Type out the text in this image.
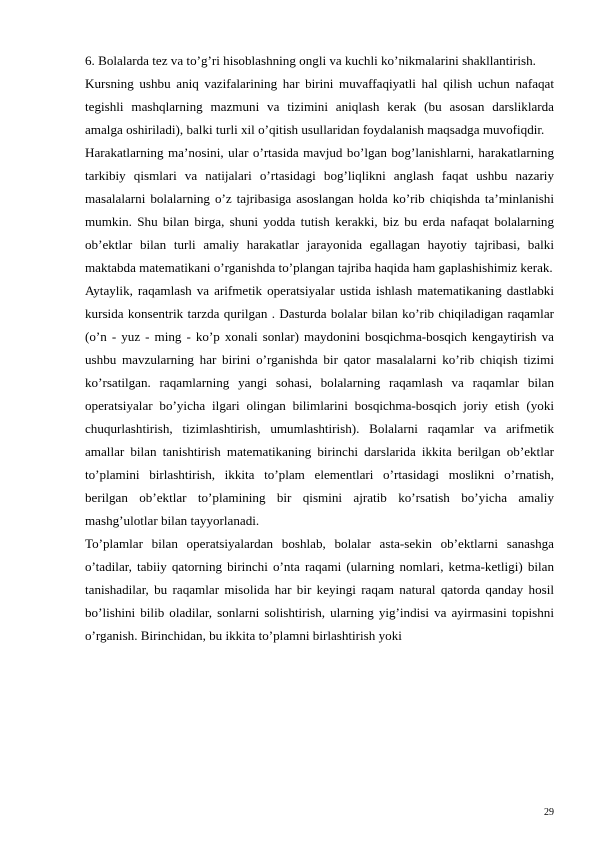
6. Bolalarda tez va to’g’ri hisoblashning ongli va kuchli ko’nikmalarini shakllantirish.

Kursning ushbu aniq vazifalarining har birini muvaffaqiyatli hal qilish uchun nafaqat tegishli mashqlarning mazmuni va tizimini aniqlash kerak (bu asosan darsliklarda amalga oshiriladi), balki turli xil o’qitish usullaridan foydalanish maqsadga muvofiqdir.

Harakatlarning ma’nosini, ular o’rtasida mavjud bo’lgan bog’lanishlarni, harakatlarning tarkibiy qismlari va natijalari o’rtasidagi bog’liqlikni anglash faqat ushbu nazariy masalalarni bolalarning o’z tajribasiga asoslangan holda ko’rib chiqishda ta’minlanishi mumkin. Shu bilan birga, shuni yodda tutish kerakki, biz bu erda nafaqat bolalarning ob’ektlar bilan turli amaliy harakatlar jarayonida egallagan hayotiy tajribasi, balki maktabda matematikani o’rganishda to’plangan tajriba haqida ham gaplashishimiz kerak.

Aytaylik, raqamlash va arifmetik operatsiyalar ustida ishlash matematikaning dastlabki kursida konsentrik tarzda qurilgan . Dasturda bolalar bilan ko’rib chiqiladigan raqamlar (o’n - yuz - ming - ko’p xonali sonlar) maydonini bosqichma-bosqich kengaytirish va ushbu mavzularning har birini o’rganishda bir qator masalalarni ko’rib chiqish tizimi ko’rsatilgan. raqamlarning yangi sohasi, bolalarning raqamlash va raqamlar bilan operatsiyalar bo’yicha ilgari olingan bilimlarini bosqichma-bosqich joriy etish (yoki chuqurlashtirish, tizimlashtirish, umumlashtirish). Bolalarni raqamlar va arifmetik amallar bilan tanishtirish matematikaning birinchi darslarida ikkita berilgan ob’ektlar to’plamini birlashtirish, ikkita to’plam elementlari o’rtasidagi moslikni o’rnatish, berilgan ob’ektlar to’plamining bir qismini ajratib ko’rsatish bo’yicha amaliy mashg’ulotlar bilan tayyorlanadi.

To’plamlar bilan operatsiyalardan boshlab, bolalar asta-sekin ob’ektlarni sanashga o’tadilar, tabiiy qatorning birinchi o’nta raqami (ularning nomlari, ketma-ketligi) bilan tanishadilar, bu raqamlar misolida har bir keyingi raqam natural qatorda qanday hosil bo’lishini bilib oladilar, sonlarni solishtirish, ularning yig’indisi va ayirmasini topishni o’rganish. Birinchidan, bu ikkita to’plamni birlashtirish yoki

29
